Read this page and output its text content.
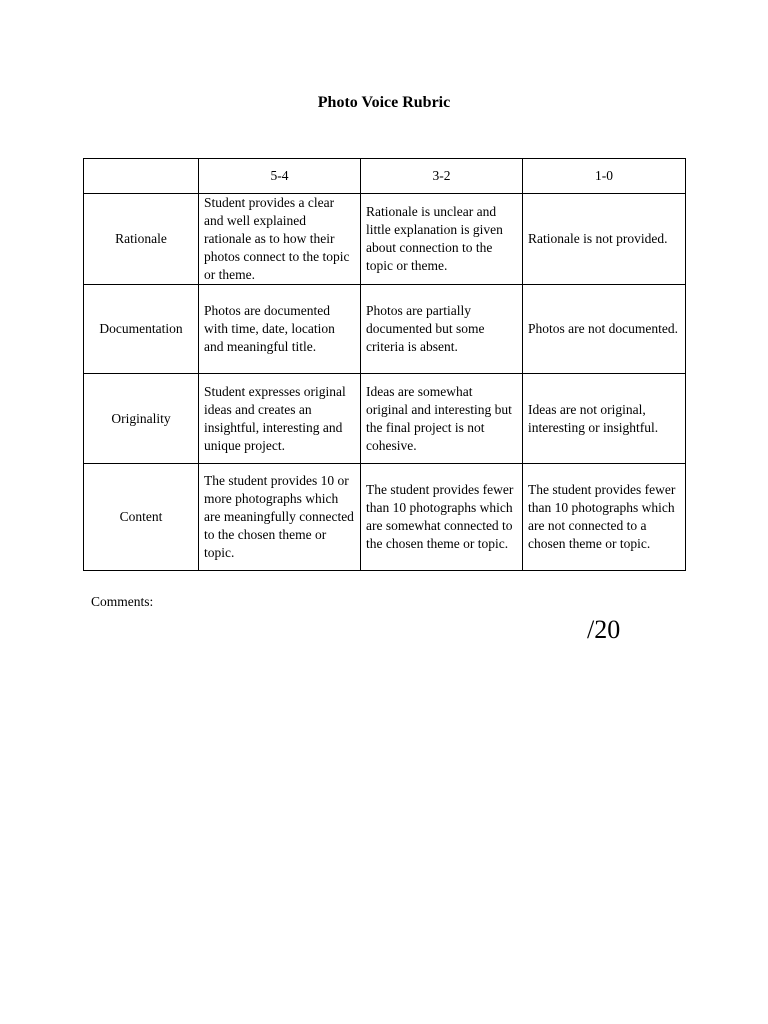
Photo Voice Rubric
	5-4	3-2	1-0
Rationale	Student provides a clear and well explained rationale as to how their photos connect to the topic or theme.	Rationale is unclear and little explanation is given about connection to the topic or theme.	Rationale is not provided.
Documentation	Photos are documented with time, date, location and meaningful title.	Photos are partially documented but some criteria is absent.	Photos are not documented.
Originality	Student expresses original ideas and creates an insightful, interesting and unique project.	Ideas are somewhat original and interesting but the final project is not cohesive.	Ideas are not original, interesting or insightful.
Content	The student provides 10 or more photographs which are meaningfully connected to the chosen theme or topic.	The student provides fewer than 10 photographs which are somewhat connected to the chosen theme or topic.	The student provides fewer than 10 photographs which are not connected to a chosen theme or topic.
Comments:
/20
